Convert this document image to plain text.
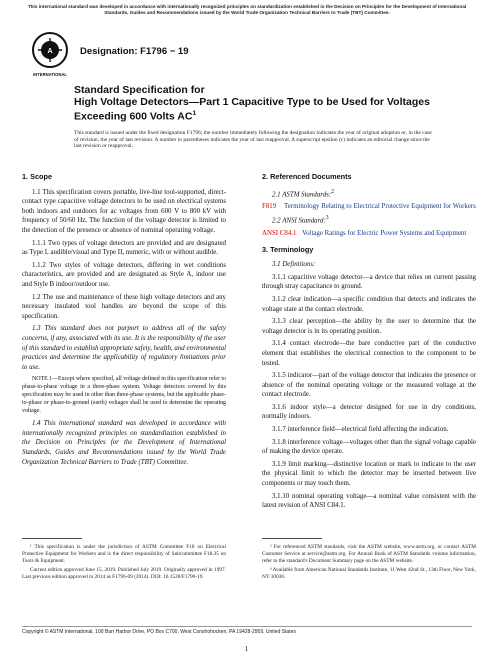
This international standard was developed in accordance with internationally recognized principles on standardization established in the Decision on Principles for the Development of International Standards, Guides and Recommendations issued by the World Trade Organization Technical Barriers to Trade (TBT) Committee.
A
INTERNATIONAL
Designation: F1796 − 19
Standard Specification for
High Voltage Detectors—Part 1 Capacitive Type to be Used for Voltages Exceeding 600 Volts $AC^1$
This standard is issued under the fixed designation F1796; the number immediately following the designation indicates the year of original adoption or, in the case of revision, the year of last revision. A number in parentheses indicates the year of last reapproval. A superscript epsilon (ε) indicates an editorial change since the last revision or reapproval.
1. Scope

1.1 This specification covers portable, live-line tool-supported, direct-contact type capacitive voltage detectors to be used on electrical systems both indoors and outdoors for ac voltages from 600 V to 800 kV with frequency of 50/60 Hz. The function of the voltage detector is limited to the detection of the presence or absence of nominal operating voltage.

1.1.1 Two types of voltage detectors are provided and are designated as Type I, audible/visual and Type II, numeric, with or without audible.

1.1.2 Two styles of voltage detectors, differing in wet conditions characteristics, are provided and are designated as Style A, indoor use and Style B indoor/outdoor use.

1.2 The use and maintenance of these high voltage detectors and any necessary insulated tool handles are beyond the scope of this specification.

1.3 This standard does not purport to address all of the safety concerns, if any, associated with its use. It is the responsibility of the user of this standard to establish appropriate safety, health, and environmental practices and determine the applicability of regulatory limitations prior to use.

NOTE 1—Except where specified, all voltage defined in this specification refer to phase-to-phase voltage in a three-phase system. Voltage detectors covered by this specification may be used in other than three-phase systems, but the applicable phase-to-phase or phase-to-ground (earth) voltages shall be used to determine the operating voltage.

1.4 This international standard was developed in accordance with internationally recognized principles on standardization established in the Decision on Principles for the Development of International Standards, Guides and Recommendations issued by the World Trade Organization Technical Barriers to Trade (TBT) Committee.

2. Referenced Documents

2.1 ASTM Standards:$^2$

F819	Terminology Relating to Electrical Protective Equipment for Workers

2.2 ANSI Standard:$^3$

ANSI C84.1 Voltage Ratings for Electric Power Systems and Equipment
3. Terminology

3.1 Definitions:

3.1.1 capacitive voltage detector—a device that relies on current passing through stray capacitance to ground.

3.1.2 clear indication—a specific condition that detects and indicates the voltage state at the contact electrode.

3.1.3 clear perception—the ability by the user to determine that the voltage detector is in its operating position.

3.1.4 contact electrode—the bare conductive part of the conductive element that establishes the electrical connection to the component to be tested.

3.1.5 indicator—part of the voltage detector that indicates the presence or absence of the nominal operating voltage or the measured voltage at the contact electrode.

3.1.6 indoor style—a detector designed for use in dry conditions, normally indoors.

3.1.7 interference field—electrical field affecting the indication.

3.1.8 interference voltage—voltages other than the signal voltage capable of making the device operate.

3.1.9 limit marking—distinctive location or mark to indicate to the user the physical limit to which the detector may be inserted between live components or may touch them.

3.1.10 nominal operating voltage—a nominal value consistent with the latest revision of ANSI C84.1.

¹ This specification is under the jurisdiction of ASTM Committee F18 on Electrical Protective Equipment for Workers and is the direct responsibility of Subcommittee F18.35 on Tools & Equipment.

Current edition approved June 15, 2019. Published July 2019. Originally approved in 1997. Last previous edition approved in 2014 as F1796-09 (2014). DOI: 10.1520/F1796-19.

² For referenced ASTM standards, visit the ASTM website, www.astm.org, or contact ASTM Customer Service at service@astm.org. For Annual Book of ASTM Standards volume information, refer to the standard's Document Summary page on the ASTM website.

³ Available from American National Standards Institute, 11 West 42nd St., 13th Floor, New York, NY 10036.

Copyright © ASTM International, 100 Barr Harbor Drive, PO Box C700, West Conshohocken, PA 19428-2959. United States
1
